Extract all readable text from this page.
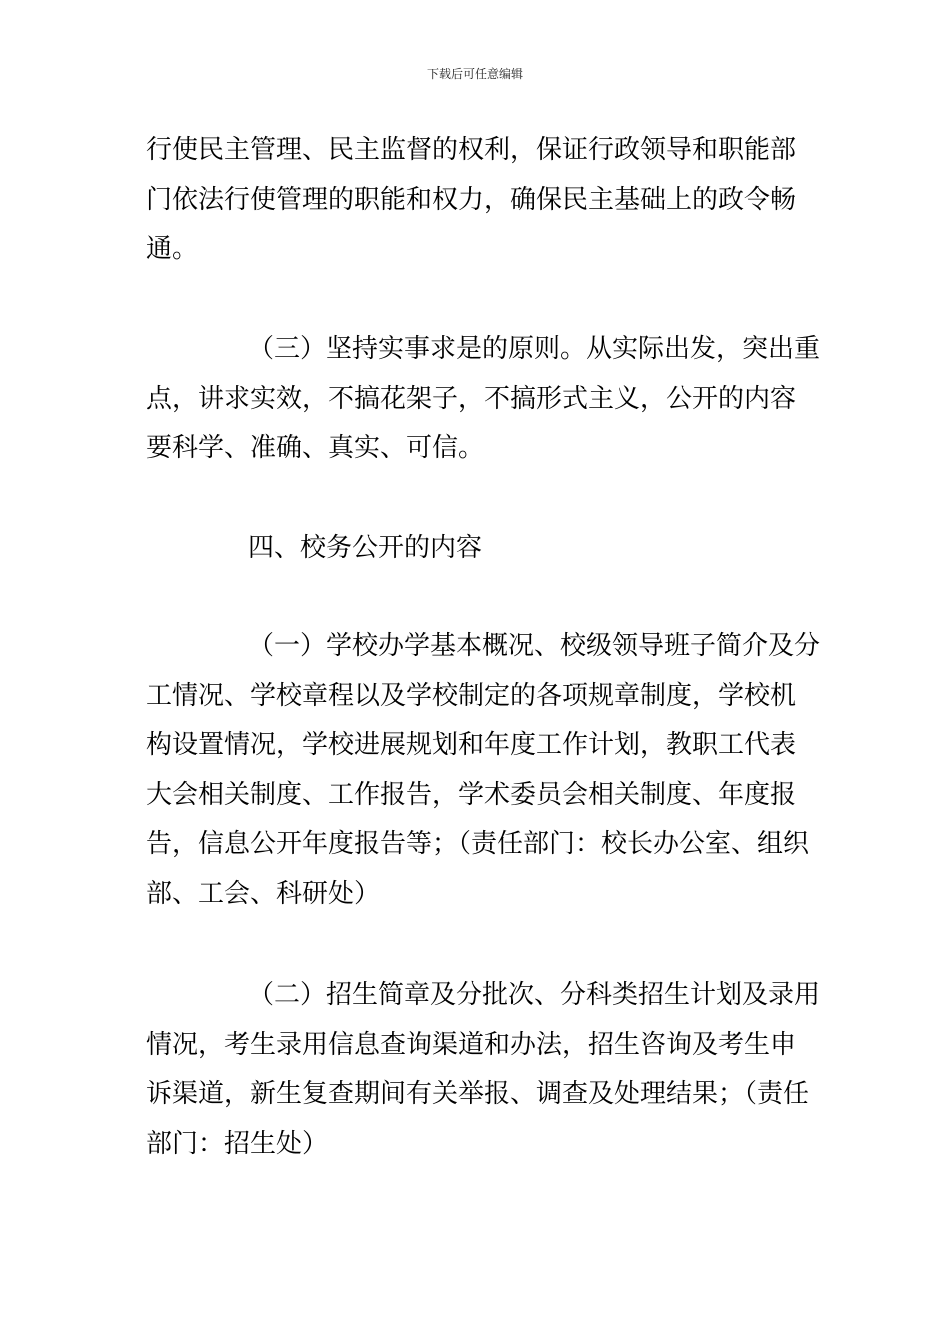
下载后可任意编辑
行使民主管理、民主监督的权利，保证行政领导和职能部
门依法行使管理的职能和权力，确保民主基础上的政令畅
通。
（三）坚持实事求是的原则。从实际出发，突出重
点，讲求实效，不搞花架子，不搞形式主义，公开的内容
要科学、准确、真实、可信。
四、校务公开的内容
（一）学校办学基本概况、校级领导班子简介及分
工情况、学校章程以及学校制定的各项规章制度，学校机
构设置情况，学校进展规划和年度工作计划，教职工代表
大会相关制度、工作报告，学术委员会相关制度、年度报
告，信息公开年度报告等；（责任部门：校长办公室、组织
部、工会、科研处）
（二）招生简章及分批次、分科类招生计划及录用
情况，考生录用信息查询渠道和办法，招生咨询及考生申
诉渠道，新生复查期间有关举报、调查及处理结果；（责任
部门：招生处）
